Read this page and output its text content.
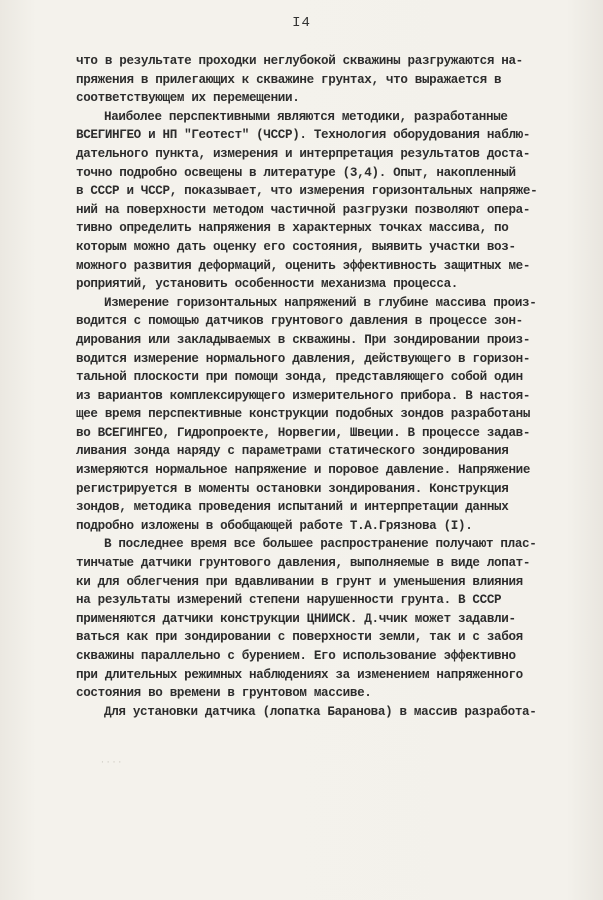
I4
что в результате проходки неглубокой скважины разгружаются на-
пряжения в прилегающих к скважине грунтах, что выражается в
соответствующем их перемещении.
Наиболее перспективными являются методики, разработанные
ВСЕГИНГЕО и НП "Геотест" (ЧССР). Технология оборудования наблю-
дательного пункта, измерения и интерпретация результатов доста-
точно подробно освещены в литературе (3,4). Опыт, накопленный
в СССР и ЧССР, показывает, что измерения горизонтальных напряже-
ний на поверхности методом частичной разгрузки позволяют опера-
тивно определить напряжения в характерных точках массива, по
которым можно дать оценку его состояния, выявить участки воз-
можного развития деформаций, оценить эффективность защитных ме-
роприятий, установить особенности механизма процесса.
Измерение горизонтальных напряжений в глубине массива произ-
водится с помощью датчиков грунтового давления в процессе зон-
дирования или закладываемых в скважины. При зондировании произ-
водится измерение нормального давления, действующего в горизон-
тальной плоскости при помощи зонда, представляющего собой один
из вариантов комплексирующего измерительного прибора. В настоя-
щее время перспективные конструкции подобных зондов разработаны
во ВСЕГИНГЕО, Гидропроекте, Норвегии, Швеции. В процессе задав-
ливания зонда наряду с параметрами статического зондирования
измеряются нормальное напряжение и поровое давление. Напряжение
регистрируется в моменты остановки зондирования. Конструкция
зондов, методика проведения испытаний и интерпретации данных
подробно изложены в обобщающей работе Т.А.Грязнова (I).
В последнее время все большее распространение получают плас-
тинчатые датчики грунтового давления, выполняемые в виде лопат-
ки для облегчения при вдавливании в грунт и уменьшения влияния
на результаты измерений степени нарушенности грунта. В СССР
применяются датчики конструкции ЦНИИСК. Д.ччик может задавли-
ваться как при зондировании с поверхности земли, так и с забоя
скважины параллельно с бурением. Его использование эффективно
при длительных режимных наблюдениях за изменением напряженного
состояния во времени в грунтовом массиве.
Для установки датчика (лопатка Баранова) в массив разработа-
····
